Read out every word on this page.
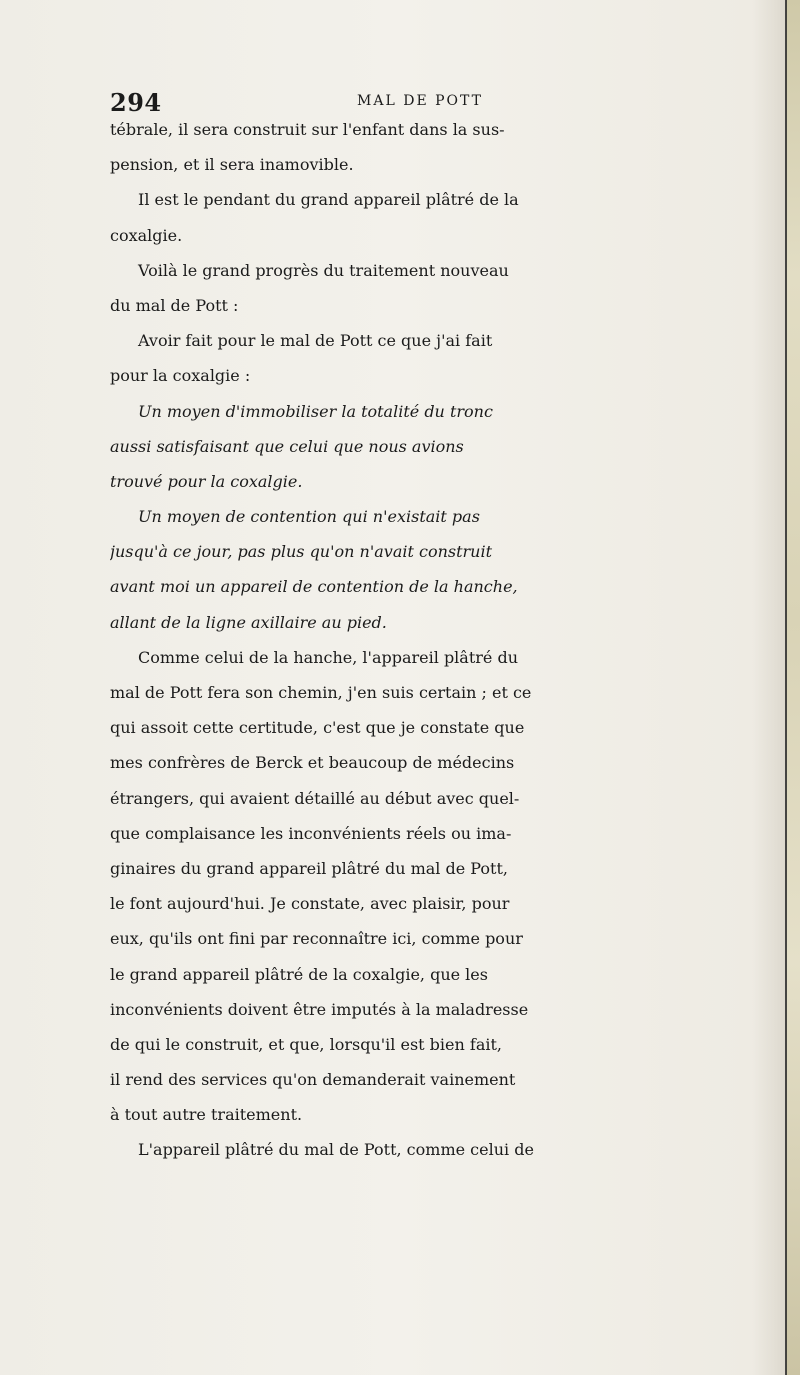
294	MAL DE POTT
tébrale, il sera construit sur l'enfant dans la sus-
pension, et il sera inamovible.
Il est le pendant du grand appareil plâtré de la
coxalgie.
Voilà le grand progrès du traitement nouveau
du mal de Pott :
Avoir fait pour le mal de Pott ce que j'ai fait
pour la coxalgie :
Un moyen d'immobiliser la totalité du tronc
aussi satisfaisant que celui que nous avions
trouvé pour la coxalgie.
Un moyen de contention qui n'existait pas
jusqu'à ce jour, pas plus qu'on n'avait construit
avant moi un appareil de contention de la hanche,
allant de la ligne axillaire au pied.
Comme celui de la hanche, l'appareil plâtré du
mal de Pott fera son chemin, j'en suis certain ; et ce
qui assoit cette certitude, c'est que je constate que
mes confrères de Berck et beaucoup de médecins
étrangers, qui avaient détaillé au début avec quel-
que complaisance les inconvénients réels ou ima-
ginaires du grand appareil plâtré du mal de Pott,
le font aujourd'hui. Je constate, avec plaisir, pour
eux, qu'ils ont fini par reconnaître ici, comme pour
le grand appareil plâtré de la coxalgie, que les
inconvénients doivent être imputés à la maladresse
de qui le construit, et que, lorsqu'il est bien fait,
il rend des services qu'on demanderait vainement
à tout autre traitement.
L'appareil plâtré du mal de Pott, comme celui de
